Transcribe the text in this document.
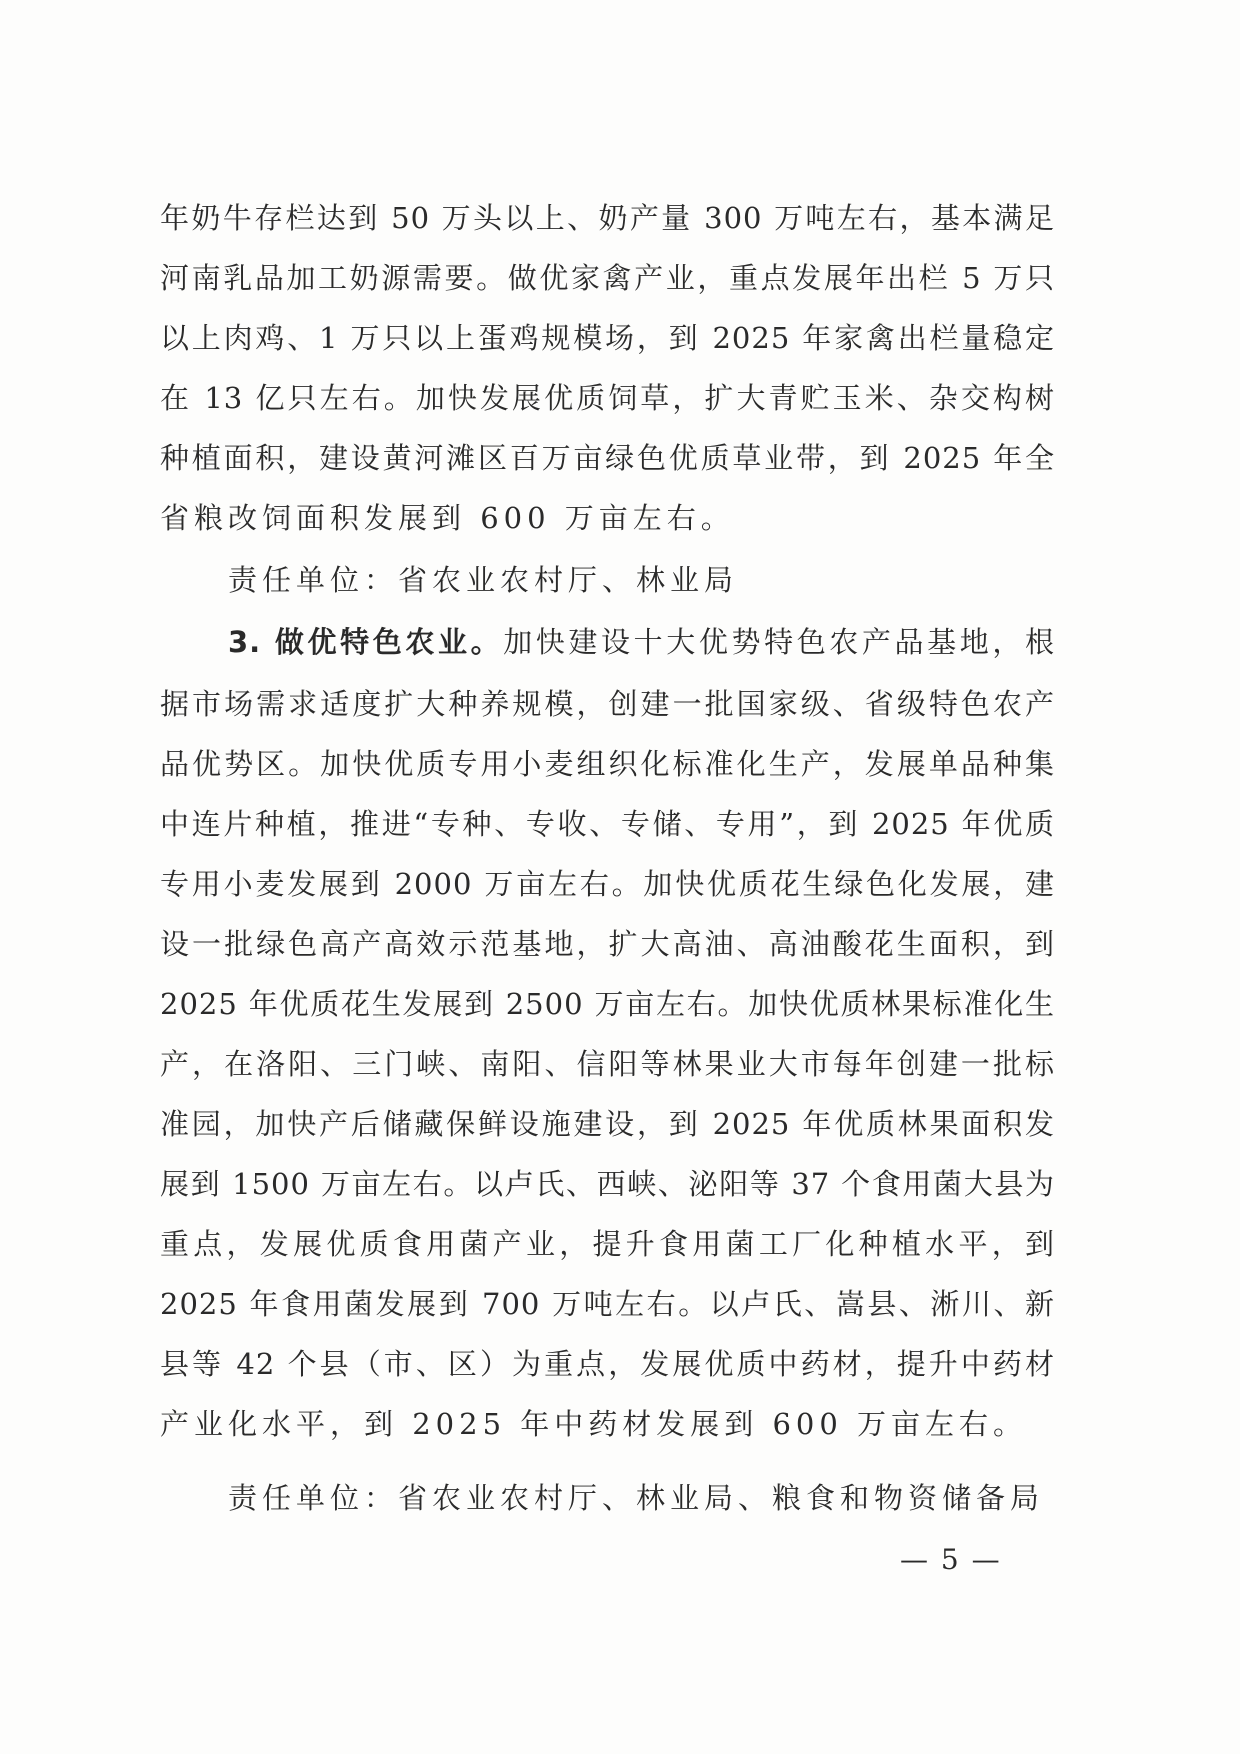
年奶牛存栏达到 50 万头以上、奶产量 300 万吨左右，基本满足
河南乳品加工奶源需要。做优家禽产业，重点发展年出栏 5 万只
以上肉鸡、1 万只以上蛋鸡规模场，到 2025 年家禽出栏量稳定
在 13 亿只左右。加快发展优质饲草，扩大青贮玉米、杂交构树
种植面积，建设黄河滩区百万亩绿色优质草业带，到 2025 年全
省粮改饲面积发展到 600 万亩左右。
责任单位：省农业农村厅、林业局
3. 做优特色农业。加快建设十大优势特色农产品基地，根
据市场需求适度扩大种养规模，创建一批国家级、省级特色农产
品优势区。加快优质专用小麦组织化标准化生产，发展单品种集
中连片种植，推进“专种、专收、专储、专用”，到 2025 年优质
专用小麦发展到 2000 万亩左右。加快优质花生绿色化发展，建
设一批绿色高产高效示范基地，扩大高油、高油酸花生面积，到
2025 年优质花生发展到 2500 万亩左右。加快优质林果标准化生
产，在洛阳、三门峡、南阳、信阳等林果业大市每年创建一批标
准园，加快产后储藏保鲜设施建设，到 2025 年优质林果面积发
展到 1500 万亩左右。以卢氏、西峡、泌阳等 37 个食用菌大县为
重点，发展优质食用菌产业，提升食用菌工厂化种植水平，到
2025 年食用菌发展到 700 万吨左右。以卢氏、嵩县、淅川、新
县等 42 个县（市、区）为重点，发展优质中药材，提升中药材
产业化水平，到 2025 年中药材发展到 600 万亩左右。
责任单位：省农业农村厅、林业局、粮食和物资储备局
— 5 —
